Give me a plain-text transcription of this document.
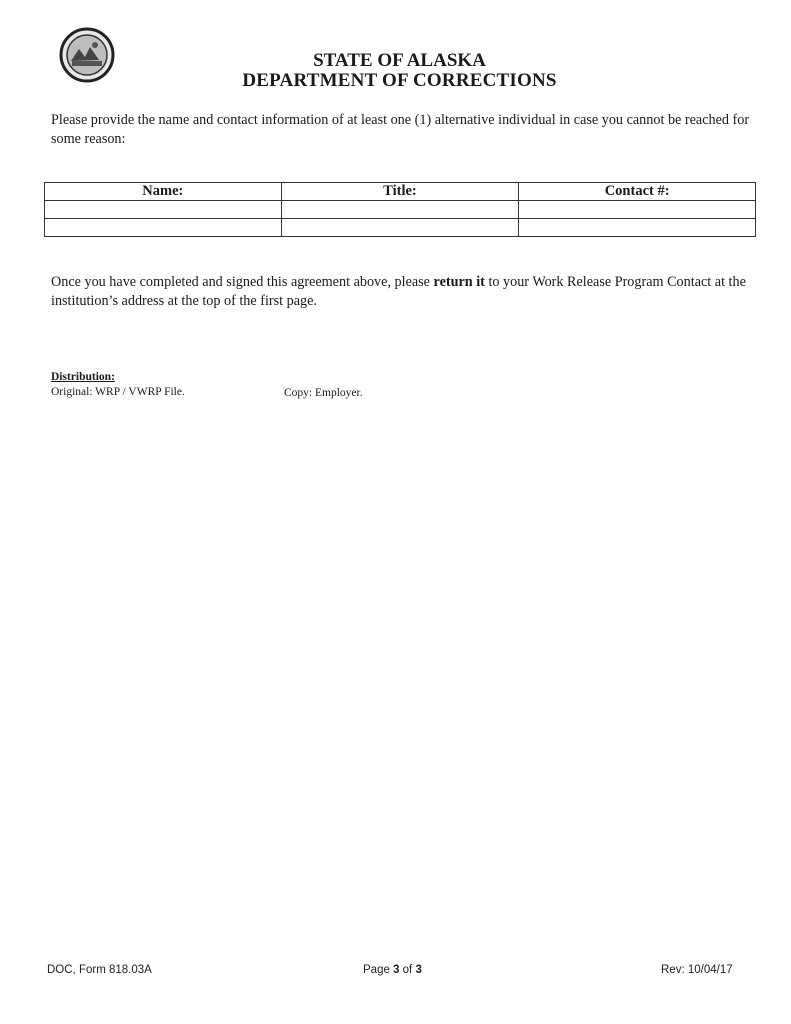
STATE OF ALASKA
DEPARTMENT OF CORRECTIONS
Please provide the name and contact information of at least one (1) alternative individual in case you cannot be reached for some reason:
Name:	Title:	Contact #:

Once you have completed and signed this agreement above, please return it to your Work Release Program Contact at the institution’s address at the top of the first page.
Distribution:
Original: WRP / VWRP File.	Copy: Employer.
DOC, Form 818.03A	Page 3 of 3	Rev: 10/04/17
